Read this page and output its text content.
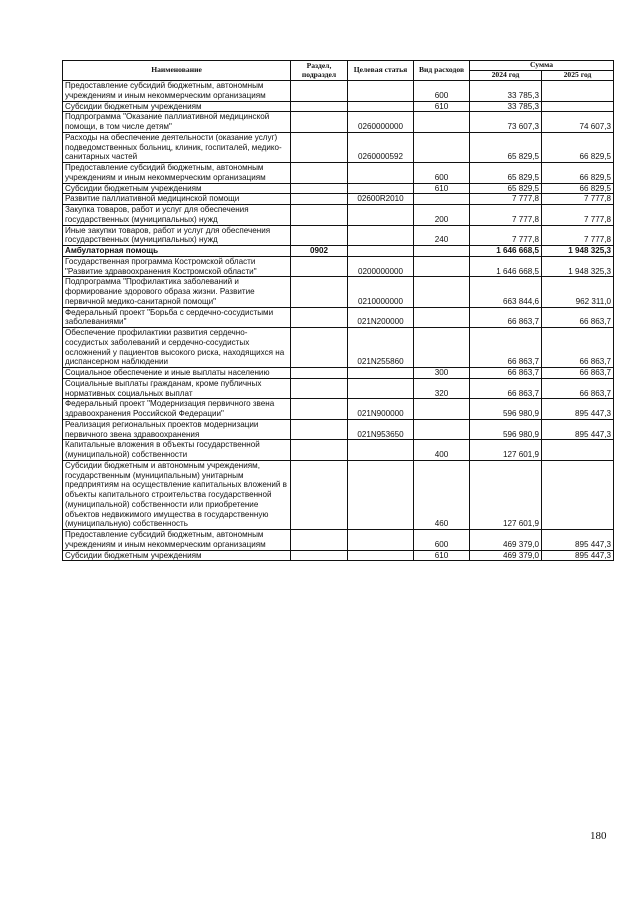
Наименование	Раздел, подраздел	Целевая статья	Вид расходов	Сумма	
				2024 год	2025 год
Предоставление субсидий бюджетным, автономным учреждениям и иным некоммерческим организациям			600	33 785,3	
Субсидии бюджетным учреждениям			610	33 785,3	
Подпрограмма "Оказание паллиативной медицинской помощи, в том числе детям"		0260000000		73 607,3	74 607,3
Расходы на обеспечение деятельности (оказание услуг) подведомственных больниц, клиник, госпиталей, медико-санитарных частей		0260000592		65 829,5	66 829,5
Предоставление субсидий бюджетным, автономным учреждениям и иным некоммерческим организациям			600	65 829,5	66 829,5
Субсидии бюджетным учреждениям			610	65 829,5	66 829,5
Развитие паллиативной медицинской помощи		02600R2010		7 777,8	7 777,8
Закупка товаров, работ и услуг для обеспечения государственных (муниципальных) нужд			200	7 777,8	7 777,8
Иные закупки товаров, работ и услуг для обеспечения государственных (муниципальных) нужд			240	7 777,8	7 777,8
Амбулаторная помощь	0902			1 646 668,5	1 948 325,3
Государственная программа Костромской области "Развитие здравоохранения Костромской области"		0200000000		1 646 668,5	1 948 325,3
Подпрограмма "Профилактика заболеваний и формирование здорового образа жизни. Развитие первичной медико-санитарной помощи"		0210000000		663 844,6	962 311,0
Федеральный проект "Борьба с сердечно-сосудистыми заболеваниями"		021N200000		66 863,7	66 863,7
Обеспечение профилактики развития сердечно-сосудистых заболеваний и сердечно-сосудистых осложнений у пациентов высокого риска, находящихся на диспансерном наблюдении		021N255860		66 863,7	66 863,7
Социальное обеспечение и иные выплаты населению			300	66 863,7	66 863,7
Социальные выплаты гражданам, кроме публичных нормативных социальных выплат			320	66 863,7	66 863,7
Федеральный проект "Модернизация первичного звена здравоохранения Российской Федерации"		021N900000		596 980,9	895 447,3
Реализация региональных проектов модернизации первичного звена здравоохранения		021N953650		596 980,9	895 447,3
Капитальные вложения в объекты государственной (муниципальной) собственности			400	127 601,9	
Субсидии бюджетным и автономным учреждениям, государственным (муниципальным) унитарным предприятиям на осуществление капитальных вложений в объекты капитального строительства государственной (муниципальной) собственности или приобретение объектов недвижимого имущества в государственную (муниципальную) собственность			460	127 601,9	
Предоставление субсидий бюджетным, автономным учреждениям и иным некоммерческим организациям			600	469 379,0	895 447,3
Субсидии бюджетным учреждениям			610	469 379,0	895 447,3
180
